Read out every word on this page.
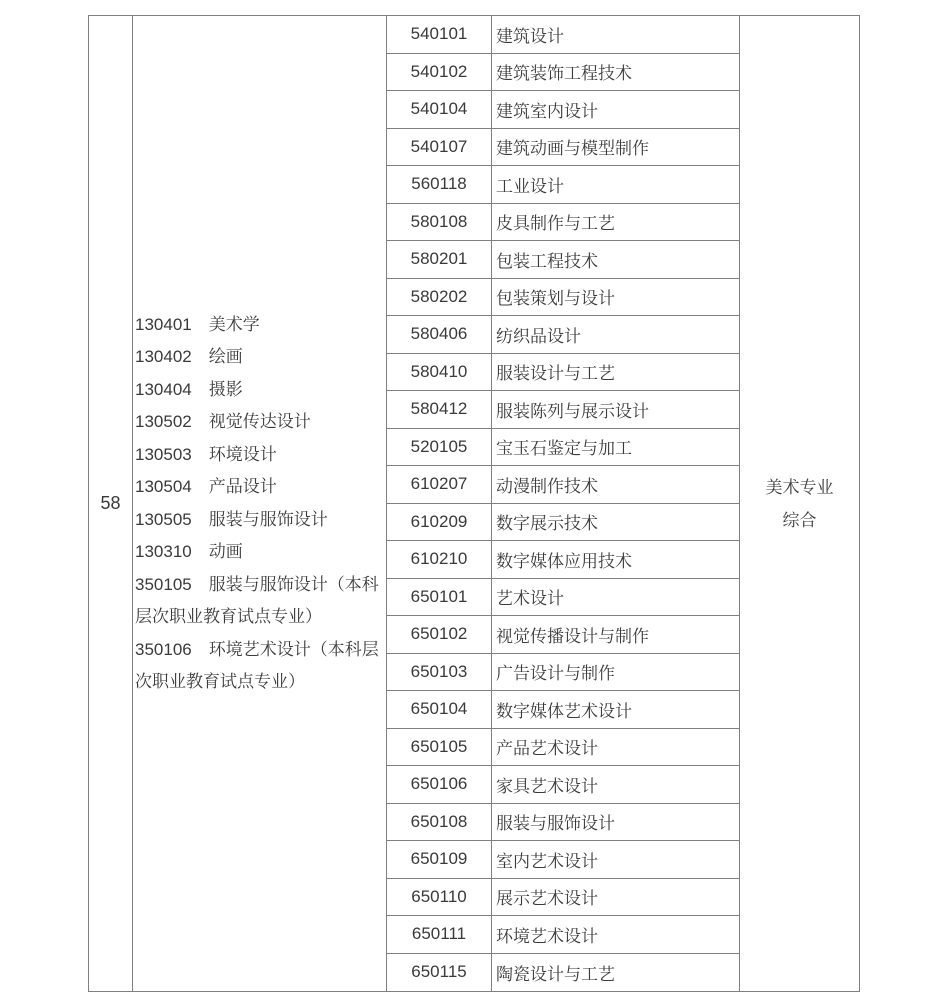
58
130401 美术学
130402 绘画
130404 摄影
130502 视觉传达设计
130503 环境设计
130504 产品设计
130505 服装与服饰设计
130310 动画
350105 服装与服饰设计（本科层次职业教育试点专业）
350106 环境艺术设计（本科层次职业教育试点专业）
540101	建筑设计
540102	建筑装饰工程技术
540104	建筑室内设计
540107	建筑动画与模型制作
560118	工业设计
580108	皮具制作与工艺
580201	包装工程技术
580202	包装策划与设计
580406	纺织品设计
580410	服装设计与工艺
580412	服装陈列与展示设计
520105	宝玉石鉴定与加工
610207	动漫制作技术
610209	数字展示技术
610210	数字媒体应用技术
650101	艺术设计
650102	视觉传播设计与制作
650103	广告设计与制作
650104	数字媒体艺术设计
650105	产品艺术设计
650106	家具艺术设计
650108	服装与服饰设计
650109	室内艺术设计
650110	展示艺术设计
650111	环境艺术设计
650115	陶瓷设计与工艺
美术专业
综合
